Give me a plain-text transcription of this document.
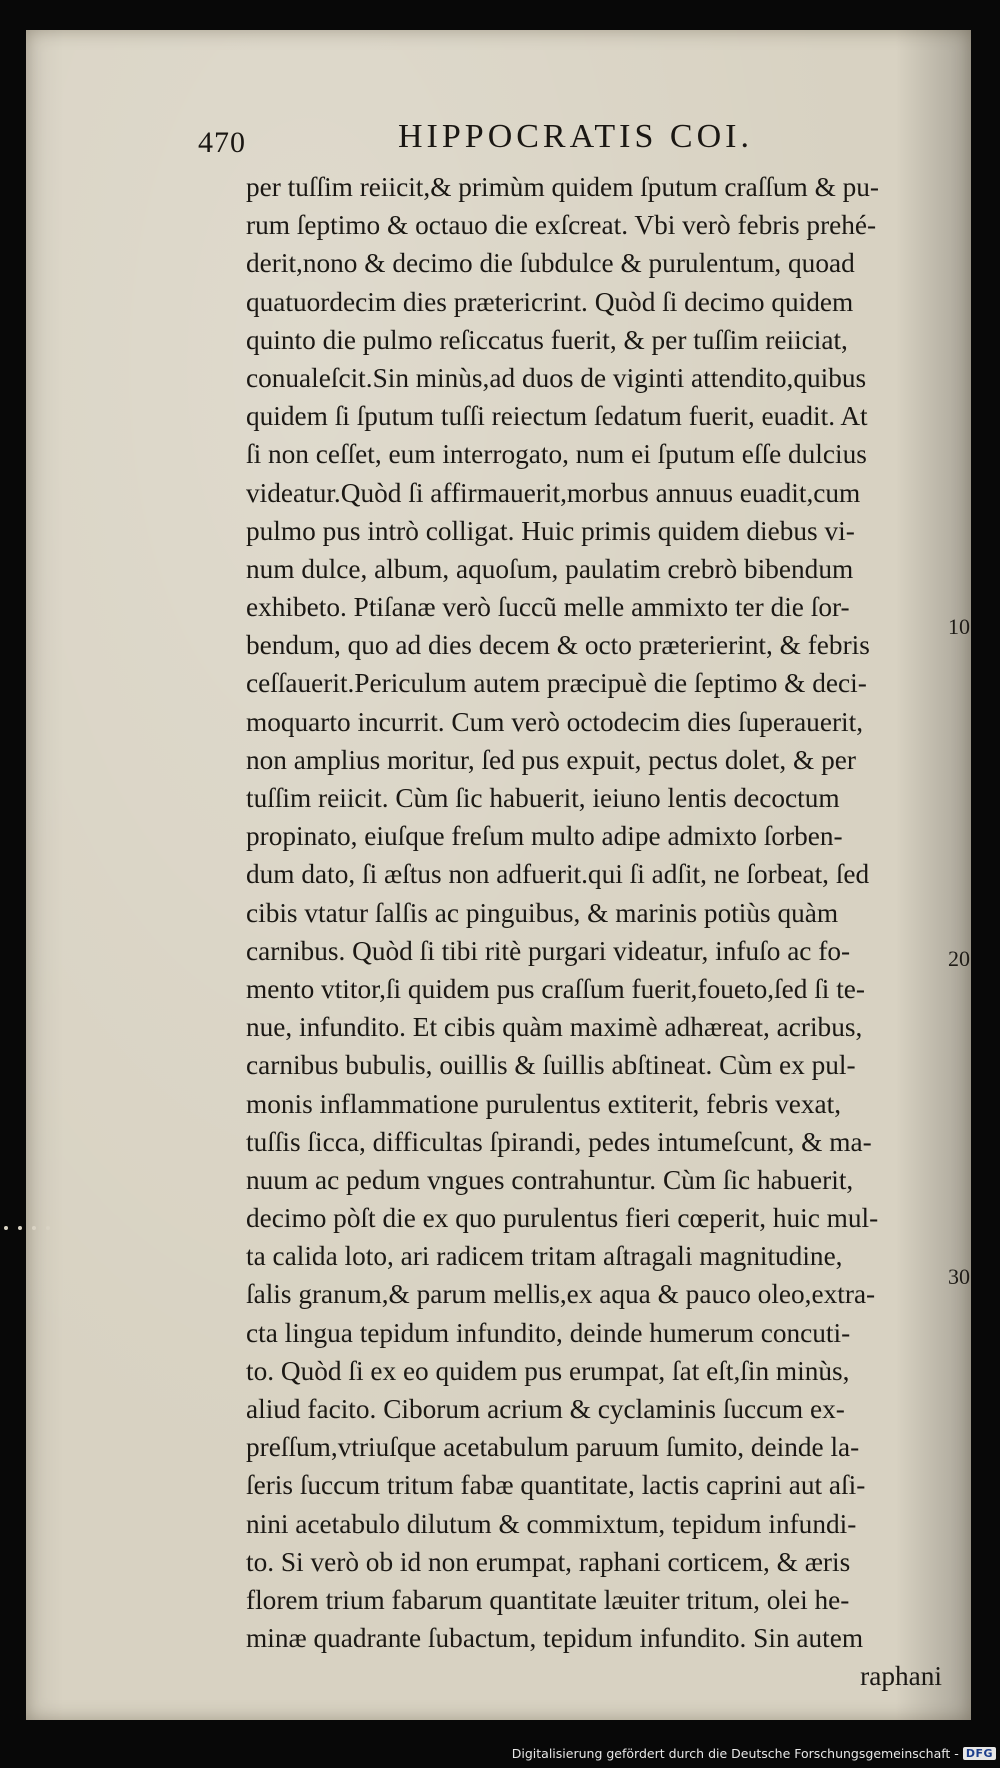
470	HIPPOCRATIS COI.
per tuſſim reiicit,& primùm quidem ſputum craſſum & pu-
rum ſeptimo & octauo die exſcreat. Vbi verò febris prehé-
derit,nono & decimo die ſubdulce & purulentum, quoad
quatuordecim dies prætericrint. Quòd ſi decimo quidem
quinto die pulmo reſiccatus fuerit, & per tuſſim reiiciat,
conualeſcit.Sin minùs,ad duos de viginti attendito,quibus
quidem ſi ſputum tuſſi reiectum ſedatum fuerit, euadit. At
ſi non ceſſet, eum interrogato, num ei ſputum eſſe dulcius
videatur.Quòd ſi affirmauerit,morbus annuus euadit,cum
pulmo pus intrò colligat. Huic primis quidem diebus vi-
num dulce, album, aquoſum, paulatim crebrò bibendum
exhibeto. Ptiſanæ verò ſuccũ melle ammixto ter die ſor-
bendum, quo ad dies decem & octo præterierint, & febris
ceſſauerit.Periculum autem præcipuè die ſeptimo & deci-
moquarto incurrit. Cum verò octodecim dies ſuperauerit,
non amplius moritur, ſed pus expuit, pectus dolet, & per
tuſſim reiicit. Cùm ſic habuerit, ieiuno lentis decoctum
propinato, eiuſque freſum multo adipe admixto ſorben-
dum dato, ſi æſtus non adfuerit.qui ſi adſit, ne ſorbeat, ſed
cibis vtatur ſalſis ac pinguibus, & marinis potiùs quàm
carnibus. Quòd ſi tibi ritè purgari videatur, infuſo ac fo-
mento vtitor,ſi quidem pus craſſum fuerit,foueto,ſed ſi te-
nue, infundito. Et cibis quàm maximè adhæreat, acribus,
carnibus bubulis, ouillis & ſuillis abſtineat. Cùm ex pul-
monis inflammatione purulentus extiterit, febris vexat,
tuſſis ſicca, difficultas ſpirandi, pedes intumeſcunt, & ma-
nuum ac pedum vngues contrahuntur. Cùm ſic habuerit,
decimo pòſt die ex quo purulentus fieri cœperit, huic mul-
ta calida loto, ari radicem tritam aſtragali magnitudine,
ſalis granum,& parum mellis,ex aqua & pauco oleo,extra-
cta lingua tepidum infundito, deinde humerum concuti-
to. Quòd ſi ex eo quidem pus erumpat, ſat eſt,ſin minùs,
aliud facito. Ciborum acrium & cyclaminis ſuccum ex-
preſſum,vtriuſque acetabulum paruum ſumito, deinde la-
ſeris ſuccum tritum fabæ quantitate, lactis caprini aut aſi-
nini acetabulo dilutum & commixtum, tepidum infundi-
to. Si verò ob id non erumpat, raphani corticem, & æris
florem trium fabarum quantitate læuiter tritum, olei he-
minæ quadrante ſubactum, tepidum infundito. Sin autem
raphani
10
20
30
Digitalisierung gefördert durch die Deutsche Forschungsgemeinschaft - DFG
